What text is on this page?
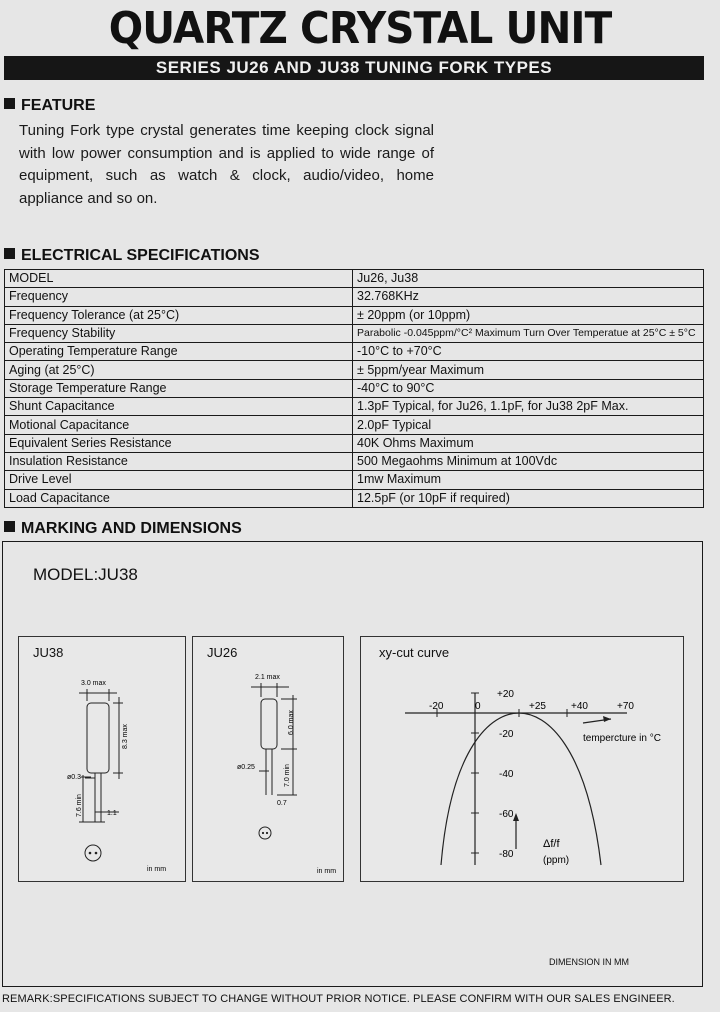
QUARTZ CRYSTAL UNIT
SERIES JU26 AND JU38 TUNING FORK TYPES
FEATURE
Tuning Fork type crystal generates time keeping clock signal with low power consumption and is applied to wide range of equipment, such as watch & clock, audio/video, home appliance and so on.
ELECTRICAL SPECIFICATIONS
MODEL	Ju26, Ju38
Frequency	32.768KHz
Frequency Tolerance (at 25°C)	± 20ppm (or 10ppm)
Frequency Stability	Parabolic -0.045ppm/°C² Maximum Turn Over Temperatue at 25°C ± 5°C
Operating Temperature Range	-10°C to +70°C
Aging (at 25°C)	± 5ppm/year Maximum
Storage Temperature Range	-40°C to 90°C
Shunt Capacitance	1.3pF Typical, for Ju26, 1.1pF, for Ju38 2pF Max.
Motional Capacitance	2.0pF Typical
Equivalent Series Resistance	40K Ohms Maximum
Insulation Resistance	500 Megaohms Minimum at 100Vdc
Drive Level	1mw Maximum
Load Capacitance	12.5pF (or 10pF if required)
MARKING AND DIMENSIONS
MODEL:JU38
JU38
3.0 max
8.3 max
7.6 min
ø0.3
1.1
in mm
JU26
2.1 max
6.0 max
7.0 min
ø0.25
0.7
in mm
xy-cut curve
-20	0
+20
+25	+40	+70
-20
-40
-60
-80
tempercture in °C
Δf/f
(ppm)
DIMENSION IN MM
REMARK:SPECIFICATIONS SUBJECT TO CHANGE WITHOUT PRIOR NOTICE. PLEASE CONFIRM WITH OUR SALES ENGINEER.
